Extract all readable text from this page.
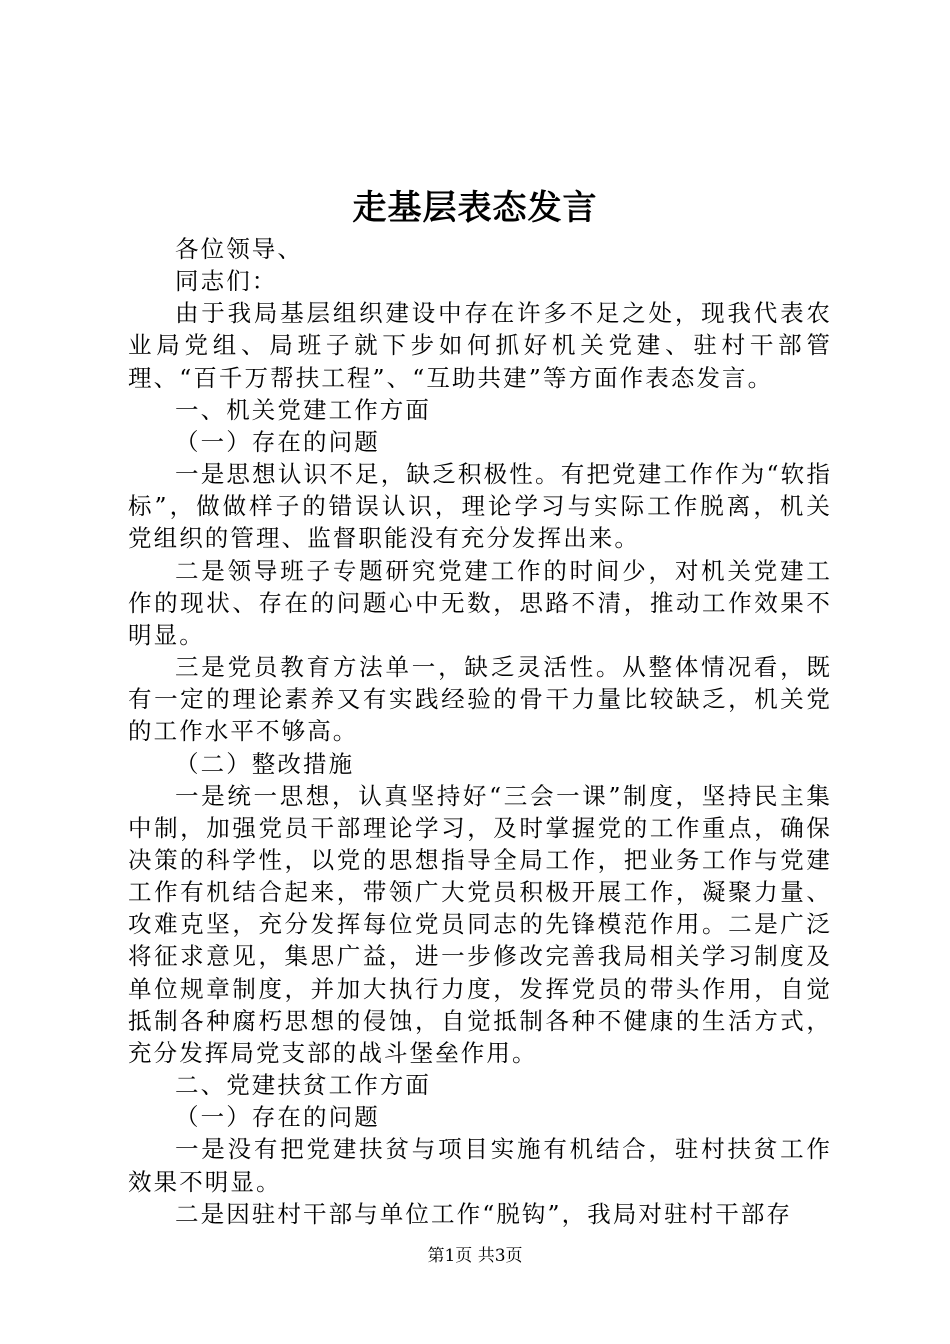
走基层表态发言

各位领导、

同志们：

由于我局基层组织建设中存在许多不足之处，现我代表农业局党组、局班子就下步如何抓好机关党建、驻村干部管理、“百千万帮扶工程”、“互助共建”等方面作表态发言。

一、机关党建工作方面

（一）存在的问题

一是思想认识不足，缺乏积极性。有把党建工作作为“软指标”，做做样子的错误认识，理论学习与实际工作脱离，机关党组织的管理、监督职能没有充分发挥出来。

二是领导班子专题研究党建工作的时间少，对机关党建工作的现状、存在的问题心中无数，思路不清，推动工作效果不明显。

三是党员教育方法单一，缺乏灵活性。从整体情况看，既有一定的理论素养又有实践经验的骨干力量比较缺乏，机关党的工作水平不够高。

（二）整改措施

一是统一思想，认真坚持好“三会一课”制度，坚持民主集中制，加强党员干部理论学习，及时掌握党的工作重点，确保决策的科学性，以党的思想指导全局工作，把业务工作与党建工作有机结合起来，带领广大党员积极开展工作，凝聚力量、攻难克坚，充分发挥每位党员同志的先锋模范作用。二是广泛将征求意见，集思广益，进一步修改完善我局相关学习制度及单位规章制度，并加大执行力度，发挥党员的带头作用，自觉抵制各种腐朽思想的侵蚀，自觉抵制各种不健康的生活方式，充分发挥局党支部的战斗堡垒作用。

二、党建扶贫工作方面

（一）存在的问题

一是没有把党建扶贫与项目实施有机结合，驻村扶贫工作效果不明显。

二是因驻村干部与单位工作“脱钩”，我局对驻村干部存

第1页 共3页
